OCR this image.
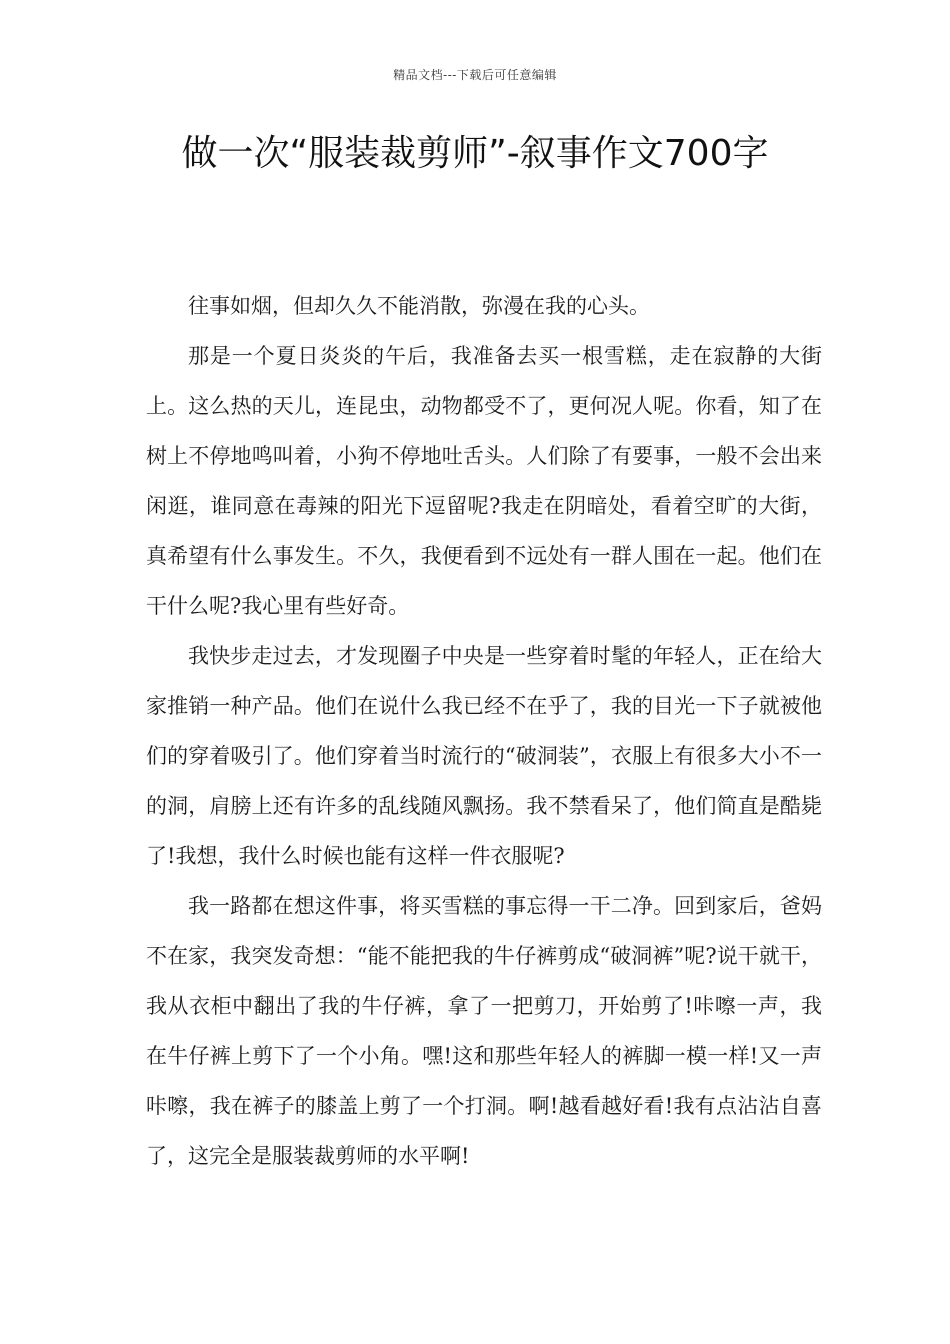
精品文档---下载后可任意编辑
做一次“服装裁剪师”-叙事作文700字

往事如烟，但却久久不能消散，弥漫在我的心头。

那是一个夏日炎炎的午后，我准备去买一根雪糕，走在寂静的大街上。这么热的天儿，连昆虫，动物都受不了，更何况人呢。你看，知了在树上不停地鸣叫着，小狗不停地吐舌头。人们除了有要事，一般不会出来闲逛，谁同意在毒辣的阳光下逗留呢?我走在阴暗处，看着空旷的大街，真希望有什么事发生。不久，我便看到不远处有一群人围在一起。他们在干什么呢?我心里有些好奇。

我快步走过去，才发现圈子中央是一些穿着时髦的年轻人，正在给大家推销一种产品。他们在说什么我已经不在乎了，我的目光一下子就被他们的穿着吸引了。他们穿着当时流行的“破洞装”，衣服上有很多大小不一的洞，肩膀上还有许多的乱线随风飘扬。我不禁看呆了，他们简直是酷毙了!我想，我什么时候也能有这样一件衣服呢?

我一路都在想这件事，将买雪糕的事忘得一干二净。回到家后，爸妈不在家，我突发奇想：“能不能把我的牛仔裤剪成“破洞裤”呢?说干就干，我从衣柜中翻出了我的牛仔裤，拿了一把剪刀，开始剪了!咔嚓一声，我在牛仔裤上剪下了一个小角。嘿!这和那些年轻人的裤脚一模一样!又一声咔嚓，我在裤子的膝盖上剪了一个打洞。啊!越看越好看!我有点沾沾自喜了，这完全是服装裁剪师的水平啊!
